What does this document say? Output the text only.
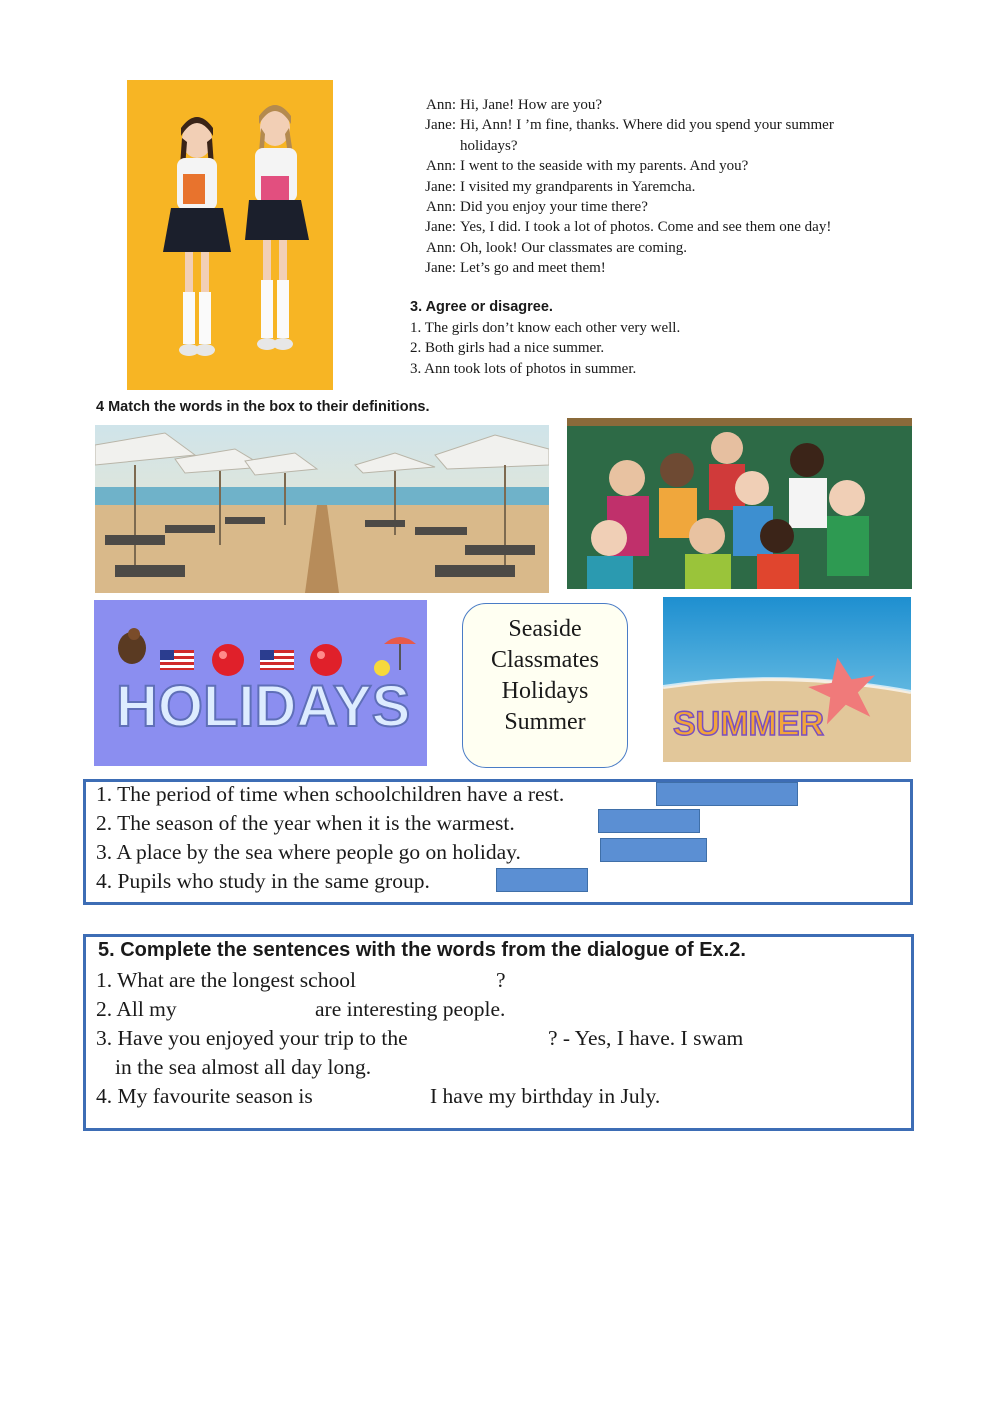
Ann: Hi, Jane! How are you?
Jane: Hi, Ann! I ’m fine, thanks. Where did you spend your summer
holidays?
Ann: I went to the seaside with my parents. And you?
Jane: I visited my grandparents in Yaremcha.
Ann: Did you enjoy your time there?
Jane: Yes, I did. I took a lot of photos. Come and see them one day!
Ann: Oh, look! Our classmates are coming.
Jane: Let’s go and meet them!
3. Agree or disagree.
1. The girls don’t know each other very well.
2. Both girls had a nice summer.
3. Ann took lots of photos in summer.
4 Match the words in the box to their definitions.
HOLIDAYS
Seaside
Classmates
Holidays
Summer	SUMMER
1. The period of time when schoolchildren have a rest.
2. The season of the year when it is the warmest.
3. A place by the sea where people go on holiday.
4. Pupils who study in the same group.
5. Complete the sentences with the words from the dialogue of Ex.2.
1. What are the longest school	?
2. All my	are interesting people.
3. Have you enjoyed your trip to the	? - Yes, I have. I swam
in the sea almost all day long.
4. My favourite season is	I have my birthday in July.
